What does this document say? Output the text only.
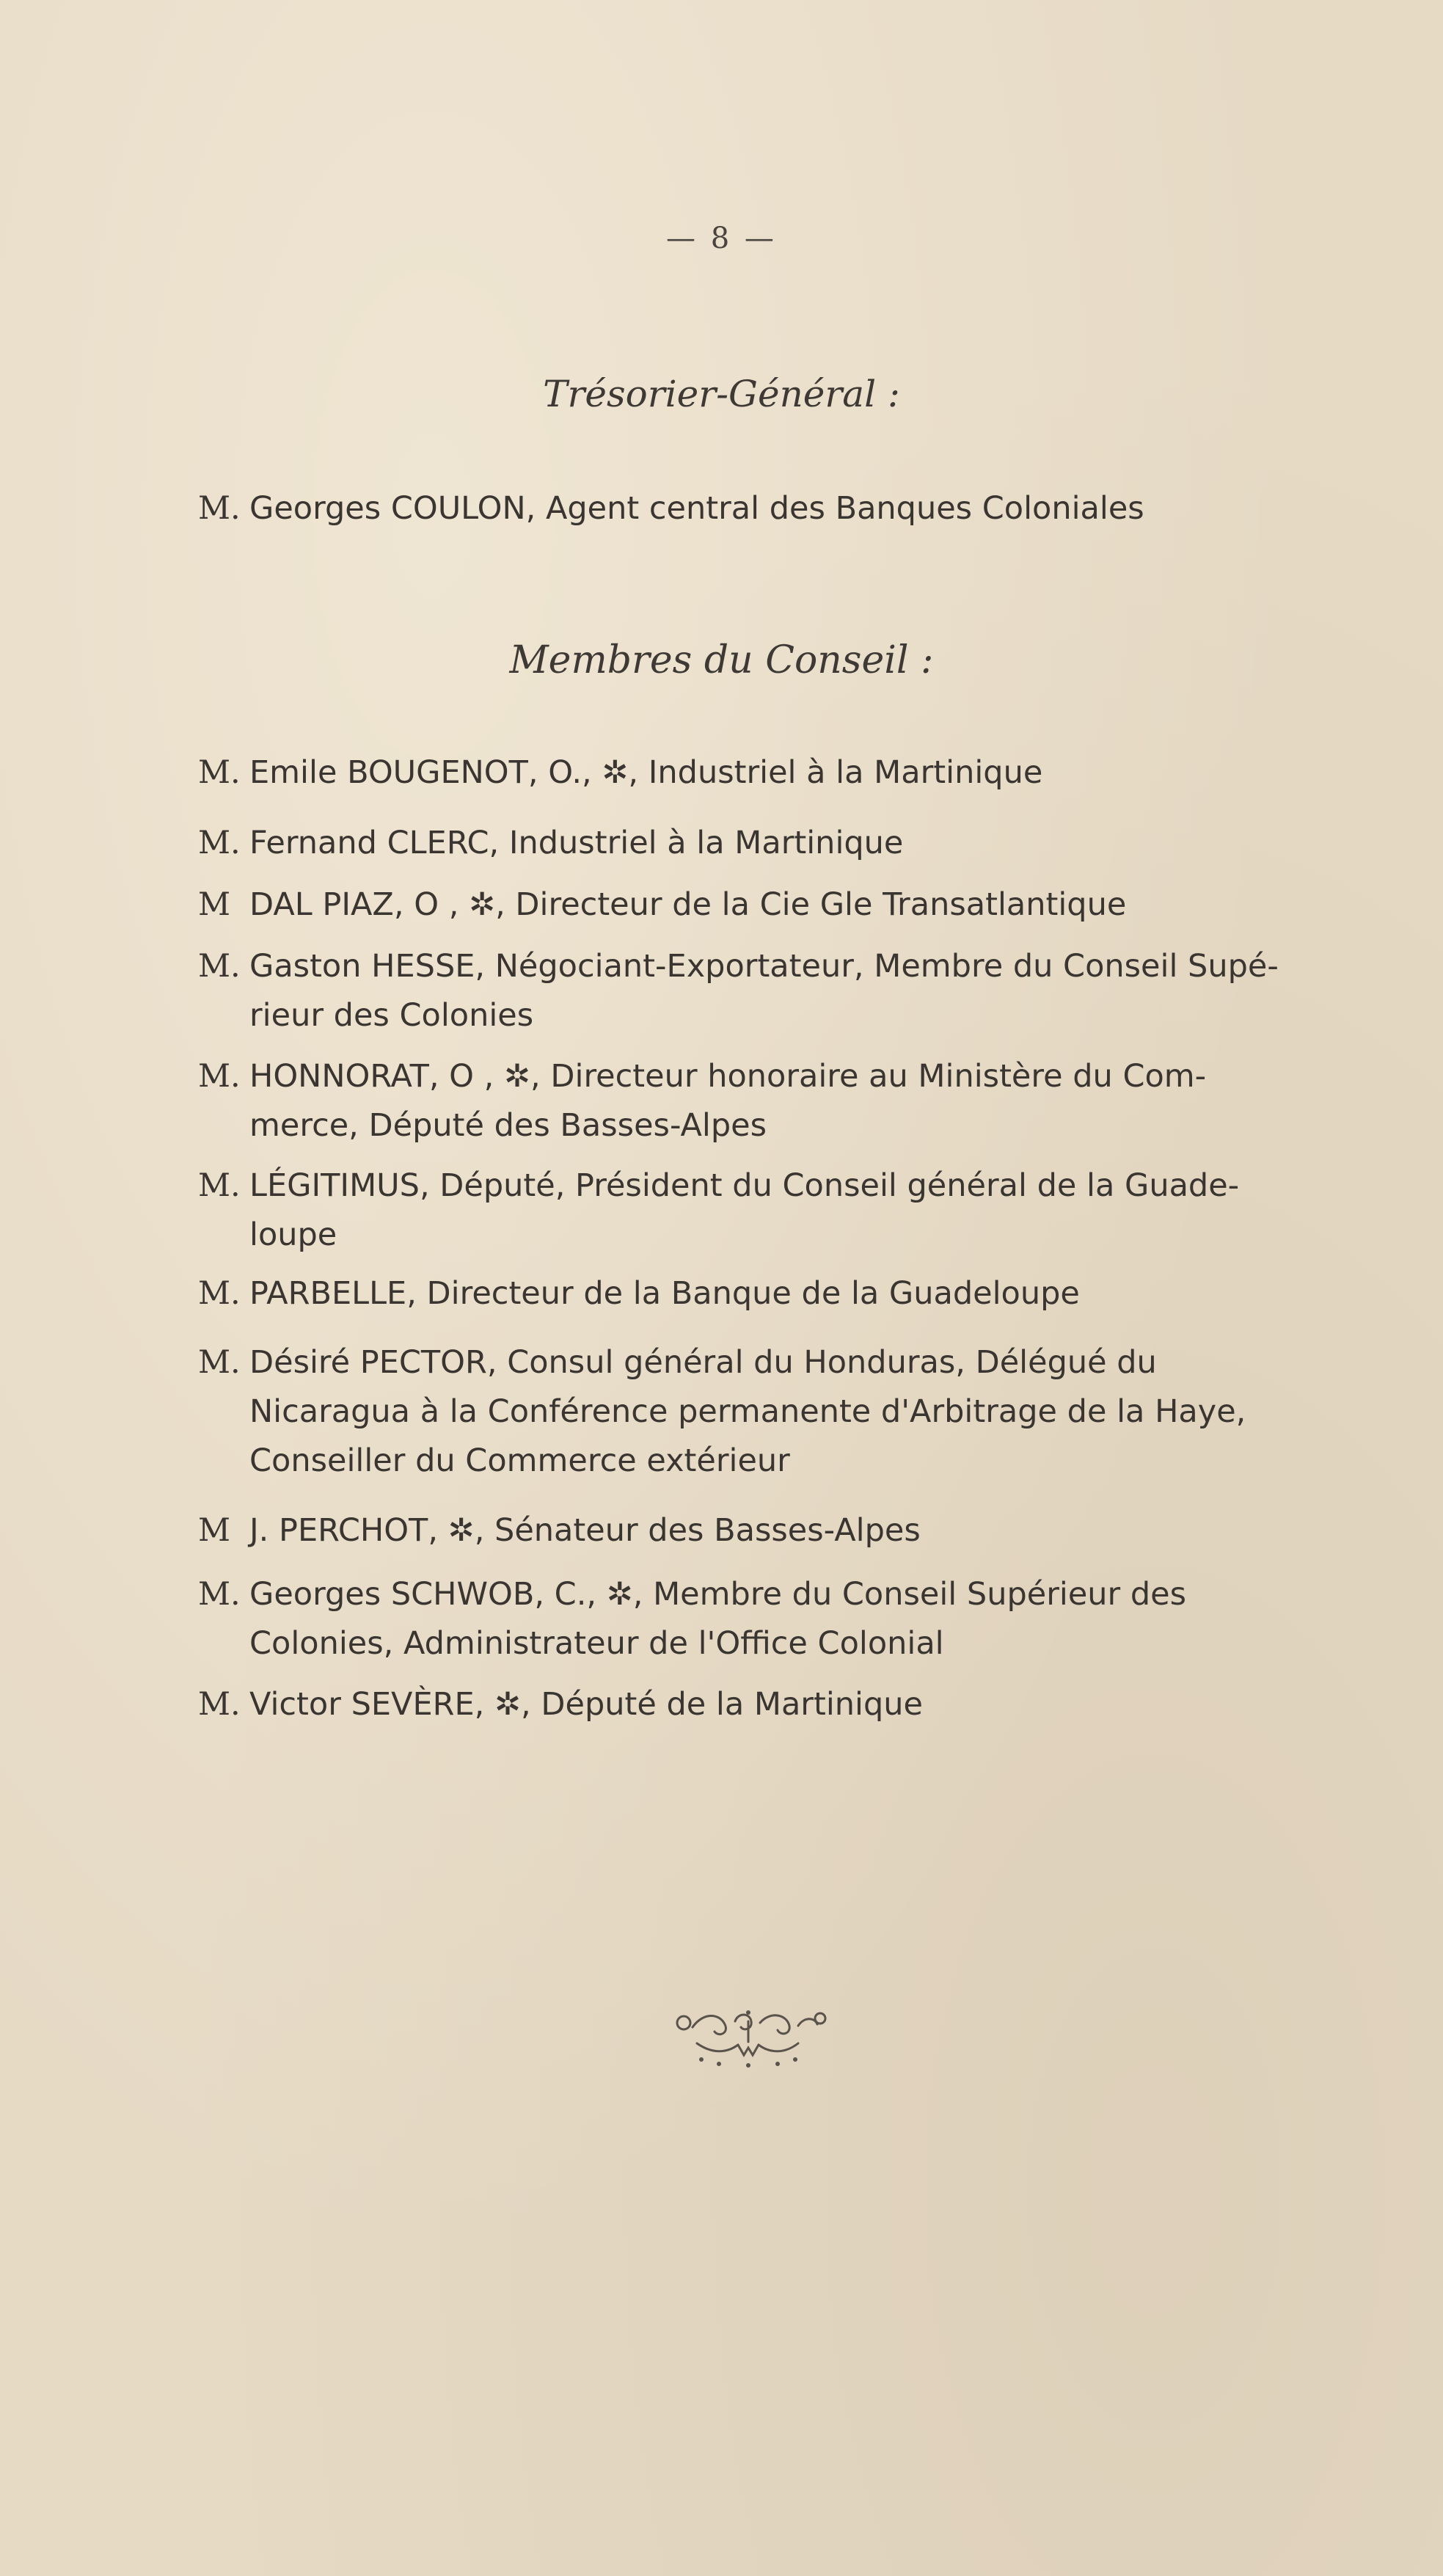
— 8 —
Trésorier-Général :
M. Georges COULON, Agent central des Banques Coloniales
Membres du Conseil :
M. Emile BOUGENOT, O., ✲, Industriel à la Martinique
M. Fernand CLERC, Industriel à la Martinique
M DAL PIAZ, O , ✲, Directeur de la Cie Gle Transatlantique
M. Gaston HESSE, Négociant-Exportateur, Membre du Conseil Supé-
rieur des Colonies
M. HONNORAT, O , ✲, Directeur honoraire au Ministère du Com-
merce, Député des Basses-Alpes
M. LÉGITIMUS, Député, Président du Conseil général de la Guade-
loupe
M. PARBELLE, Directeur de la Banque de la Guadeloupe
M. Désiré PECTOR, Consul général du Honduras, Délégué du
Nicaragua à la Conférence permanente d'Arbitrage de la Haye,
Conseiller du Commerce extérieur
M J. PERCHOT, ✲, Sénateur des Basses-Alpes
M. Georges SCHWOB, C., ✲, Membre du Conseil Supérieur des
Colonies, Administrateur de l'Office Colonial
M. Victor SEVÈRE, ✲, Député de la Martinique
